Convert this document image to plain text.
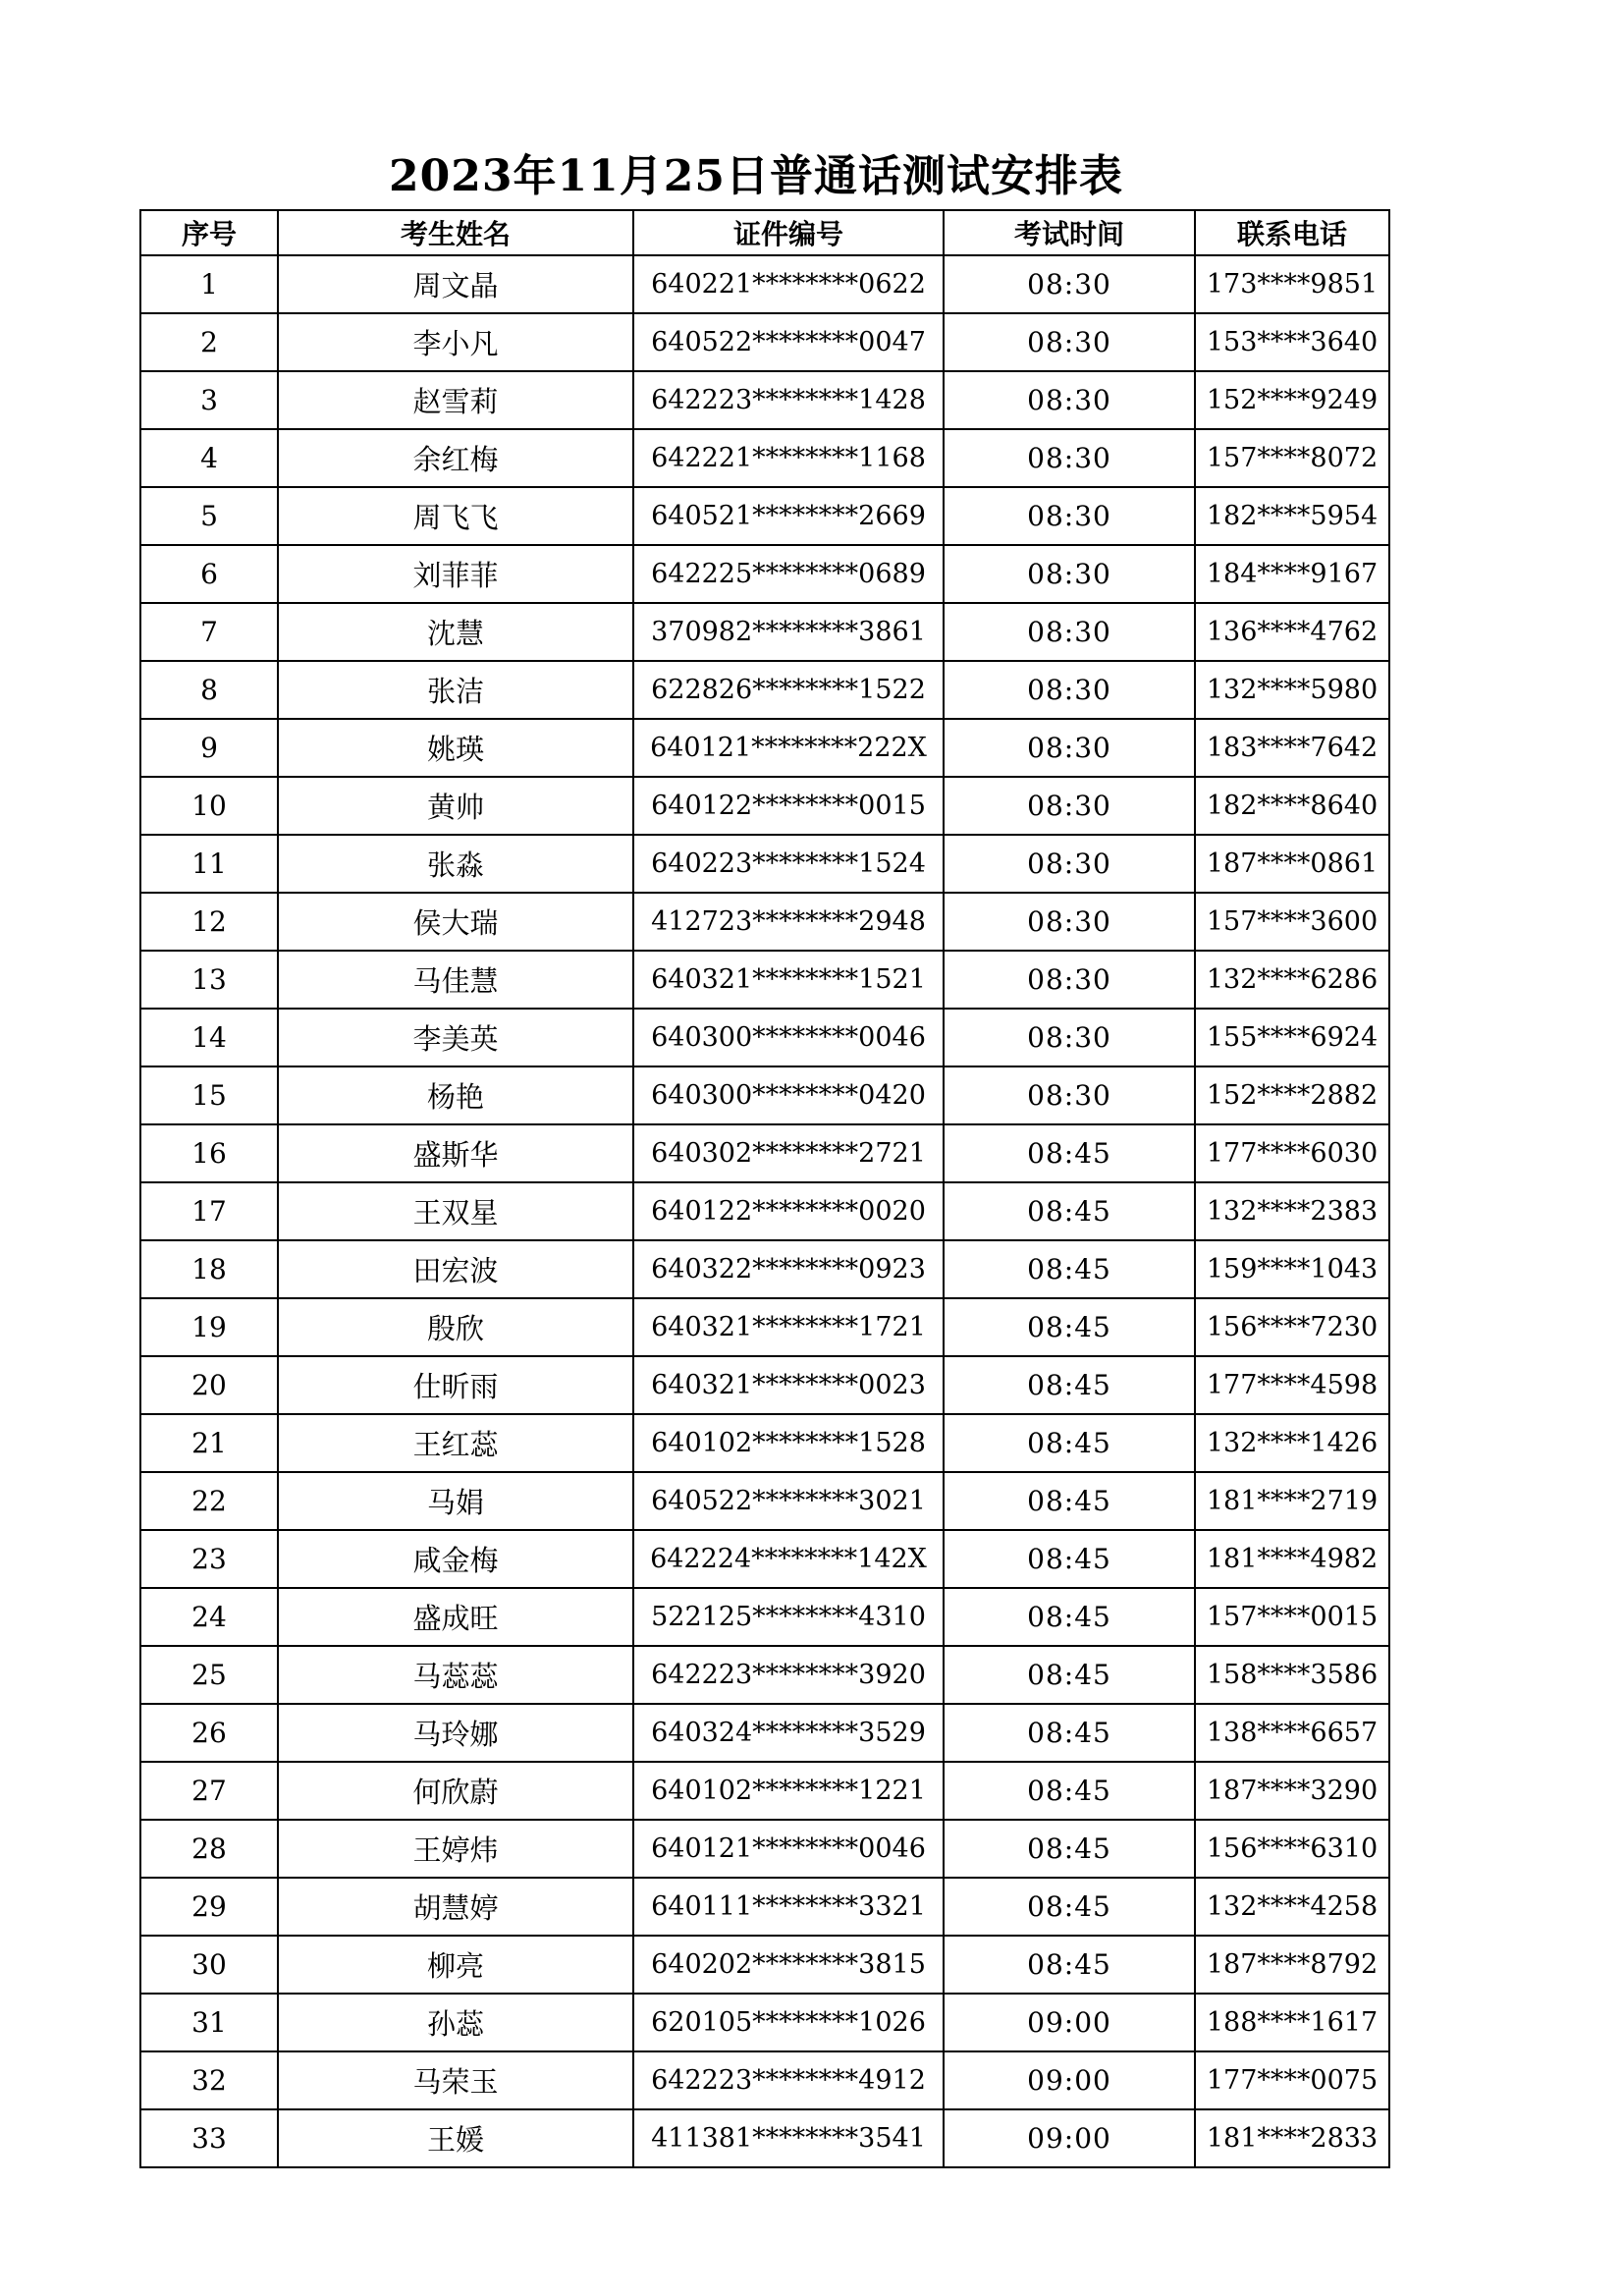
2023年11月25日普通话测试安排表
序号	考生姓名	证件编号	考试时间	联系电话
1	周文晶	640221********0622	08:30	173****9851
2	李小凡	640522********0047	08:30	153****3640
3	赵雪莉	642223********1428	08:30	152****9249
4	余红梅	642221********1168	08:30	157****8072
5	周飞飞	640521********2669	08:30	182****5954
6	刘菲菲	642225********0689	08:30	184****9167
7	沈慧	370982********3861	08:30	136****4762
8	张洁	622826********1522	08:30	132****5980
9	姚瑛	640121********222X	08:30	183****7642
10	黄帅	640122********0015	08:30	182****8640
11	张淼	640223********1524	08:30	187****0861
12	侯大瑞	412723********2948	08:30	157****3600
13	马佳慧	640321********1521	08:30	132****6286
14	李美英	640300********0046	08:30	155****6924
15	杨艳	640300********0420	08:30	152****2882
16	盛斯华	640302********2721	08:45	177****6030
17	王双星	640122********0020	08:45	132****2383
18	田宏波	640322********0923	08:45	159****1043
19	殷欣	640321********1721	08:45	156****7230
20	仕昕雨	640321********0023	08:45	177****4598
21	王红蕊	640102********1528	08:45	132****1426
22	马娟	640522********3021	08:45	181****2719
23	咸金梅	642224********142X	08:45	181****4982
24	盛成旺	522125********4310	08:45	157****0015
25	马蕊蕊	642223********3920	08:45	158****3586
26	马玲娜	640324********3529	08:45	138****6657
27	何欣蔚	640102********1221	08:45	187****3290
28	王婷炜	640121********0046	08:45	156****6310
29	胡慧婷	640111********3321	08:45	132****4258
30	柳亮	640202********3815	08:45	187****8792
31	孙蕊	620105********1026	09:00	188****1617
32	马荣玉	642223********4912	09:00	177****0075
33	王媛	411381********3541	09:00	181****2833
